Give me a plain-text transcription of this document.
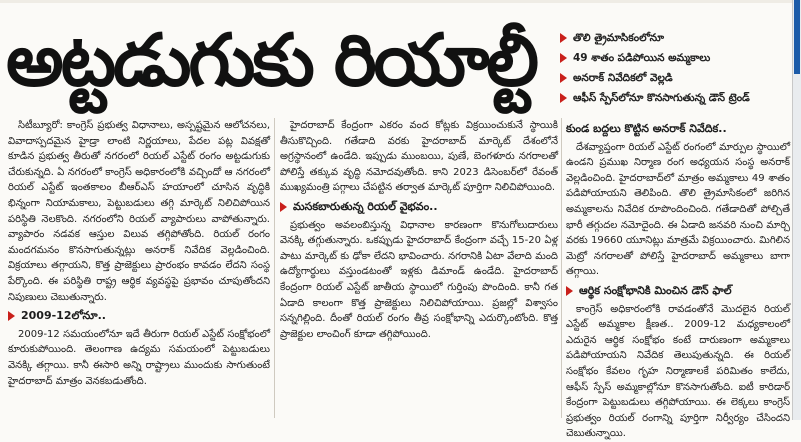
అట్టడుగుకు రియాల్టీ	తొలి త్రైమాసికంలోనూ
49 శాతం పడిపోయిన అమ్మకాలు
అనరాక్ నివేదికలో వెల్లడి
ఆఫీస్ స్పేస్‌లోనూ కొనసాగుతున్న డౌన్ ట్రెండ్

సిటీబ్యూరో: కాంగ్రెస్ ప్రభుత్వ విధానాలు, అస్పష్టమైన ఆలోచనలు, వివాదాస్పదమైన హైడ్రా లాంటి నిర్ణయాలు, పేదల పట్ల వివక్షతో కూడిన ప్రభుత్వ తీరుతో నగరంలో రియల్ ఎస్టేట్ రంగం అట్టడుగుకు చేరుకున్నది. ఏ నగరంలో కాంగ్రెస్ అధికారంలోకి వచ్చిందో ఆ నగరంలో రియల్ ఎస్టేట్ ఇంతకాలం బీఆర్ఎస్ హయాంలో చూసిన వృద్ధికి భిన్నంగా నియామకాలు, పెట్టుబడులు తగ్గి మార్కెట్ నిలిచిపోయిన పరిస్థితి నెలకొంది. నగరంలోని రియల్ వ్యాపారులు వాపోతున్నారు. వ్యాపారం నడవక ఆస్తుల విలువ తగ్గిపోతోంది. రియల్ రంగం మందగమనం కొనసాగుతున్నట్లు అనరాక్ నివేదిక వెల్లడించింది. విక్రయాలు తగ్గాయని, కొత్త ప్రాజెక్టులు ప్రారంభం కావడం లేదని సంస్థ పేర్కొంది. ఈ పరిస్థితి రాష్ట్ర ఆర్థిక వ్యవస్థపై ప్రభావం చూపుతోందని నిపుణులు చెబుతున్నారు.

2009-12లోనూ..

2009-12 సమయంలోనూ ఇదే తీరుగా రియల్ ఎస్టేట్ సంక్షోభంలో కూరుకుపోయింది. తెలంగాణ ఉద్యమ సమయంలో పెట్టుబడులు వెనక్కి తగ్గాయి. కానీ ఈసారి అన్ని రాష్ట్రాలు ముందుకు సాగుతుంటే హైదరాబాద్ మాత్రం వెనకబడుతోంది.

హైదరాబాద్ కేంద్రంగా ఎకరం వంద కోట్లకు విక్రయించుకునే స్థాయికి తీసుకొచ్చింది. గతేడాది వరకు హైదరాబాద్ మార్కెట్ దేశంలోనే అగ్రస్థానంలో ఉండేది. ఇప్పుడు ముంబయి, పుణే, బెంగళూరు నగరాలతో పోలిస్తే తక్కువ వృద్ధి నమోదవుతోంది. కాని 2023 డిసెంబర్‌లో రేవంత్ ముఖ్యమంత్రి పగ్గాలు చేపట్టిన తర్వాత మార్కెట్ పూర్తిగా నిలిచిపోయింది.

మసకబారుతున్న రియల్ వైభవం..

ప్రభుత్వం అవలంబిస్తున్న విధానాల కారణంగా కొనుగోలుదారులు వెనక్కి తగ్గుతున్నారు. ఒకప్పుడు హైదరాబాద్ కేంద్రంగా వచ్చే 15-20 ఏళ్ల పాటు మార్కెట్ కు ఢోకా లేదని భావించారు. నగరానికి ఏటా వేలాది మంది ఉద్యోగార్థులు వస్తుండటంతో ఇళ్లకు డిమాండ్ ఉండేది. హైదరాబాద్ కేంద్రంగా రియల్ ఎస్టేట్ జాతీయ స్థాయిలో గుర్తింపు పొందింది. కానీ గత ఏడాది కాలంగా కొత్త ప్రాజెక్టులు నిలిచిపోయాయి. ప్రజల్లో విశ్వాసం సన్నగిల్లింది. దీంతో రియల్ రంగం తీవ్ర సంక్షోభాన్ని ఎదుర్కొంటోంది. కొత్త ప్రాజెక్టుల లాంచింగ్ కూడా తగ్గిపోయింది.

కుండ బద్దలు కొట్టిన అనరాక్ నివేదిక..

దేశవ్యాప్తంగా రియల్ ఎస్టేట్ రంగంలో మార్పుల స్థాయిలో ఉండని ప్రముఖ నిర్మాణ రంగ అధ్యయన సంస్థ అనరాక్ వెల్లడించింది. హైదరాబాద్‌లో మాత్రం అమ్మకాలు 49 శాతం పడిపోయాయని తెలిపింది. తొలి త్రైమాసికంలో జరిగిన అమ్మకాలను నివేదిక రూపొందించింది. గతేడాదితో పోల్చితే భారీ తగ్గుదల నమోదైంది. ఈ ఏడాది జనవరి నుంచి మార్చి వరకు 19660 యూనిట్లు మాత్రమే విక్రయించారు. మిగిలిన మెట్రో నగరాలతో పోలిస్తే హైదరాబాద్ అమ్మకాలు బాగా తగ్గాయి.

ఆర్థిక సంక్షోభానికి మించిన డౌన్ ఫాల్

కాంగ్రెస్ అధికారంలోకి రావడంతోనే మొదలైన రియల్ ఎస్టేట్ అమ్మకాల క్షీణత.. 2009-12 మధ్యకాలంలో ఎదురైన ఆర్థిక సంక్షోభం కంటే దారుణంగా అమ్మకాలు పడిపోయాయని నివేదిక తెలుపుతున్నది. ఈ రియల్ సంక్షోభం కేవలం గృహ నిర్మాణాలకే పరిమితం కాలేదు, ఆఫీస్ స్పేస్ అమ్మకాల్లోనూ కొనసాగుతోంది. ఐటీ కారిడార్ కేంద్రంగా పెట్టుబడులు తగ్గిపోయాయి. ఈ లెక్కలు కాంగ్రెస్ ప్రభుత్వం రియల్ రంగాన్ని పూర్తిగా నిర్వీర్యం చేసిందని చెబుతున్నాయి.
